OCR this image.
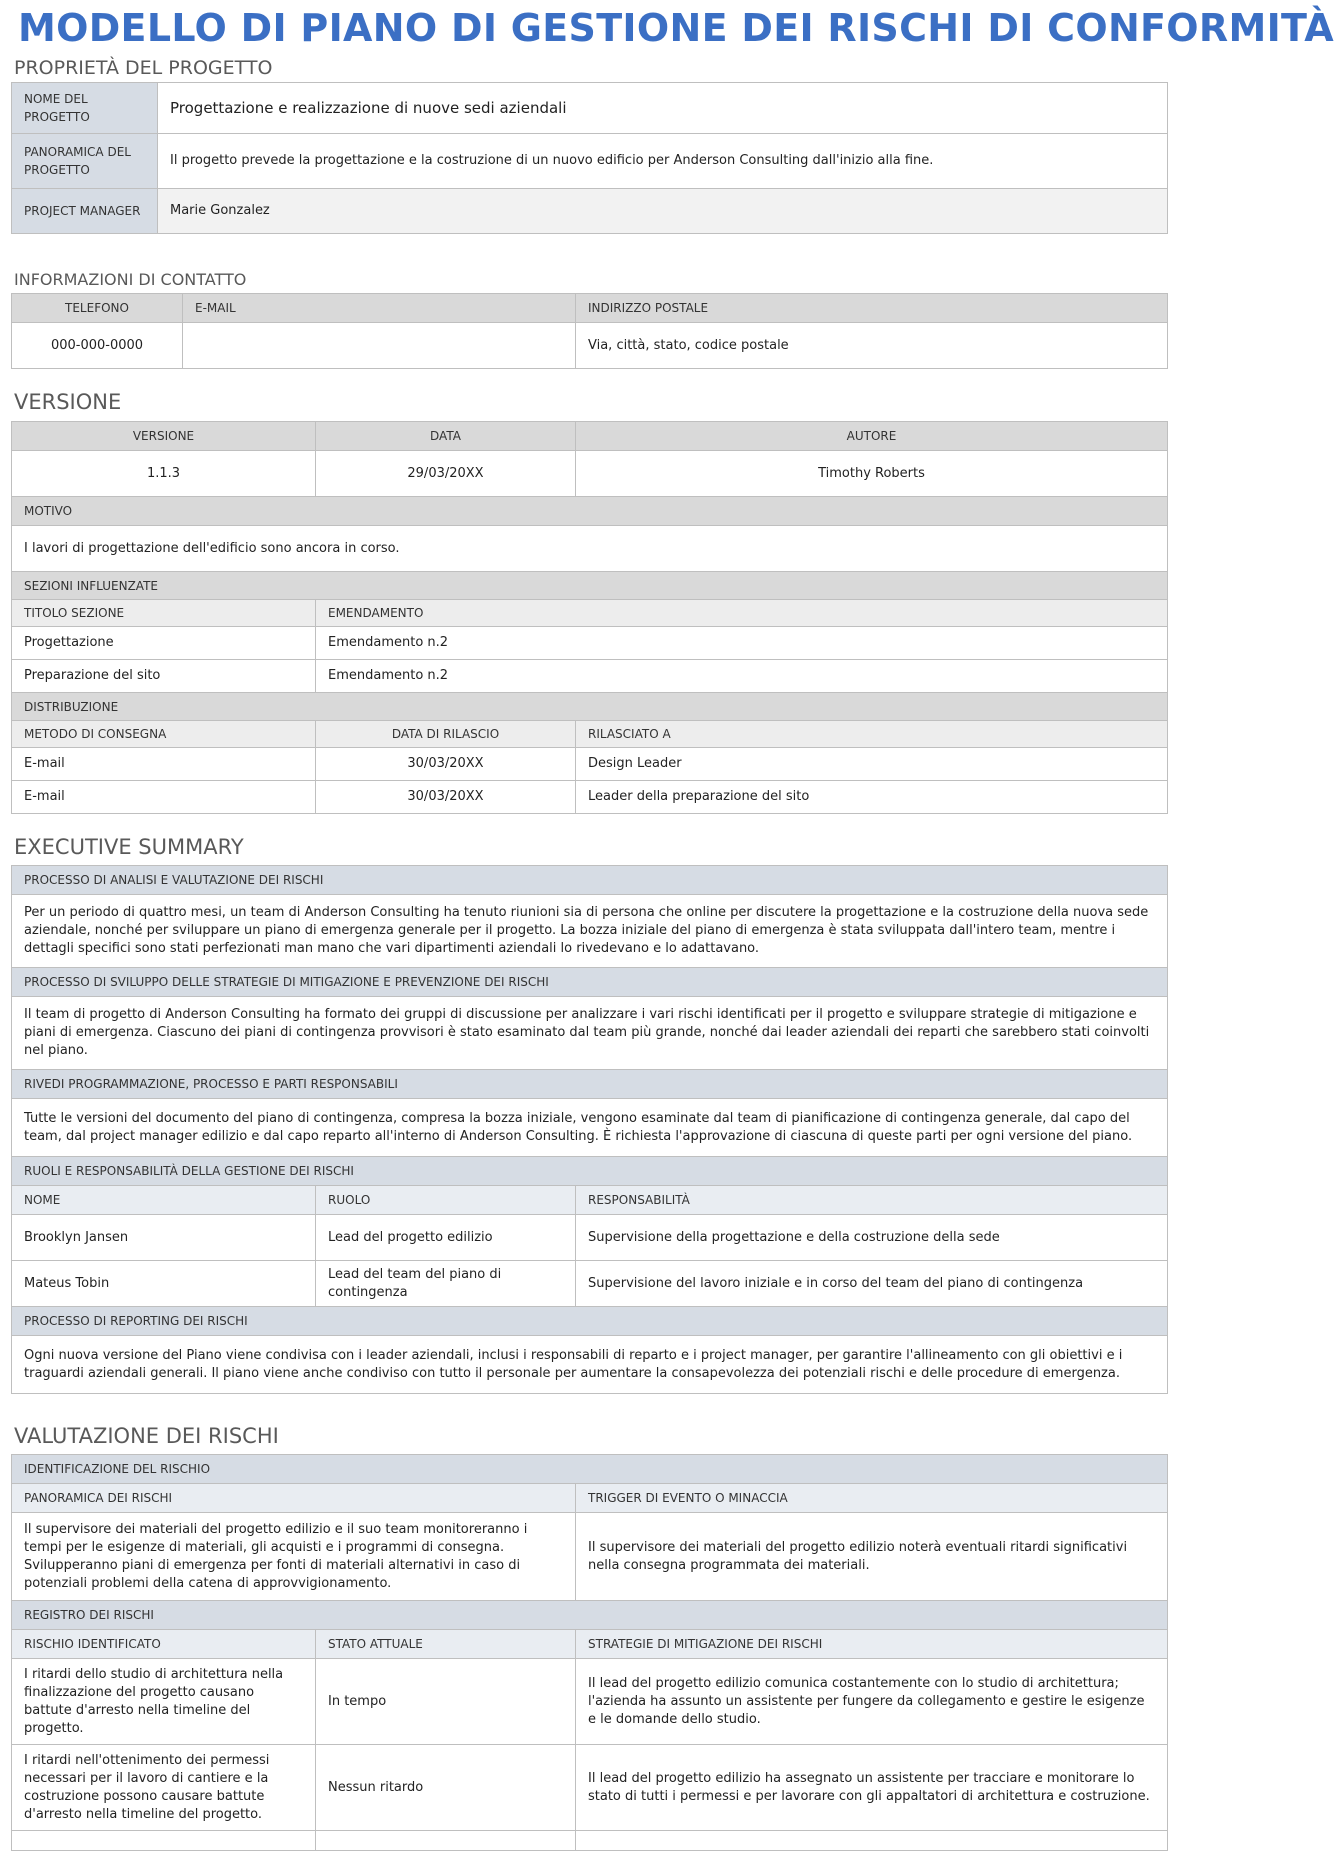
MODELLO DI PIANO DI GESTIONE DEI RISCHI DI CONFORMITÀ
PROPRIETÀ DEL PROGETTO
NOME DEL PROGETTO	Progettazione e realizzazione di nuove sedi aziendali
PANORAMICA DEL PROGETTO	Il progetto prevede la progettazione e la costruzione di un nuovo edificio per Anderson Consulting dall'inizio alla fine.
PROJECT MANAGER	Marie Gonzalez
INFORMAZIONI DI CONTATTO
TELEFONO	E-MAIL	INDIRIZZO POSTALE
000-000-0000		Via, città, stato, codice postale
VERSIONE
VERSIONE	DATA	AUTORE
1.1.3	29/03/20XX	Timothy Roberts
MOTIVO		
I lavori di progettazione dell'edificio sono ancora in corso.		
SEZIONI INFLUENZATE		
TITOLO SEZIONE	EMENDAMENTO	
Progettazione	Emendamento n.2	
Preparazione del sito	Emendamento n.2	
DISTRIBUZIONE		
METODO DI CONSEGNA	DATA DI RILASCIO	RILASCIATO A
E-mail	30/03/20XX	Design Leader
E-mail	30/03/20XX	Leader della preparazione del sito
EXECUTIVE SUMMARY
PROCESSO DI ANALISI E VALUTAZIONE DEI RISCHI		
Per un periodo di quattro mesi, un team di Anderson Consulting ha tenuto riunioni sia di persona che online per discutere la progettazione e la costruzione della nuova sede aziendale, nonché per sviluppare un piano di emergenza generale per il progetto. La bozza iniziale del piano di emergenza è stata sviluppata dall'intero team, mentre i dettagli specifici sono stati perfezionati man mano che vari dipartimenti aziendali lo rivedevano e lo adattavano.		
PROCESSO DI SVILUPPO DELLE STRATEGIE DI MITIGAZIONE E PREVENZIONE DEI RISCHI		
Il team di progetto di Anderson Consulting ha formato dei gruppi di discussione per analizzare i vari rischi identificati per il progetto e sviluppare strategie di mitigazione e piani di emergenza. Ciascuno dei piani di contingenza provvisori è stato esaminato dal team più grande, nonché dai leader aziendali dei reparti che sarebbero stati coinvolti nel piano.		
RIVEDI PROGRAMMAZIONE, PROCESSO E PARTI RESPONSABILI		
Tutte le versioni del documento del piano di contingenza, compresa la bozza iniziale, vengono esaminate dal team di pianificazione di contingenza generale, dal capo del team, dal project manager edilizio e dal capo reparto all'interno di Anderson Consulting. È richiesta l'approvazione di ciascuna di queste parti per ogni versione del piano.		
RUOLI E RESPONSABILITÀ DELLA GESTIONE DEI RISCHI		
NOME	RUOLO	RESPONSABILITÀ
Brooklyn Jansen	Lead del progetto edilizio	Supervisione della progettazione e della costruzione della sede
Mateus Tobin	Lead del team del piano di contingenza	Supervisione del lavoro iniziale e in corso del team del piano di contingenza
PROCESSO DI REPORTING DEI RISCHI		
Ogni nuova versione del Piano viene condivisa con i leader aziendali, inclusi i responsabili di reparto e i project manager, per garantire l'allineamento con gli obiettivi e i traguardi aziendali generali. Il piano viene anche condiviso con tutto il personale per aumentare la consapevolezza dei potenziali rischi e delle procedure di emergenza.		
VALUTAZIONE DEI RISCHI
IDENTIFICAZIONE DEL RISCHIO		
PANORAMICA DEI RISCHI		TRIGGER DI EVENTO O MINACCIA
Il supervisore dei materiali del progetto edilizio e il suo team monitoreranno i tempi per le esigenze di materiali, gli acquisti e i programmi di consegna. Svilupperanno piani di emergenza per fonti di materiali alternativi in caso di potenziali problemi della catena di approvvigionamento.		Il supervisore dei materiali del progetto edilizio noterà eventuali ritardi significativi nella consegna programmata dei materiali.
REGISTRO DEI RISCHI		
RISCHIO IDENTIFICATO	STATO ATTUALE	STRATEGIE DI MITIGAZIONE DEI RISCHI
I ritardi dello studio di architettura nella finalizzazione del progetto causano battute d'arresto nella timeline del progetto.	In tempo	Il lead del progetto edilizio comunica costantemente con lo studio di architettura; l'azienda ha assunto un assistente per fungere da collegamento e gestire le esigenze e le domande dello studio.
I ritardi nell'ottenimento dei permessi necessari per il lavoro di cantiere e la costruzione possono causare battute d'arresto nella timeline del progetto.	Nessun ritardo	Il lead del progetto edilizio ha assegnato un assistente per tracciare e monitorare lo stato di tutti i permessi e per lavorare con gli appaltatori di architettura e costruzione.
